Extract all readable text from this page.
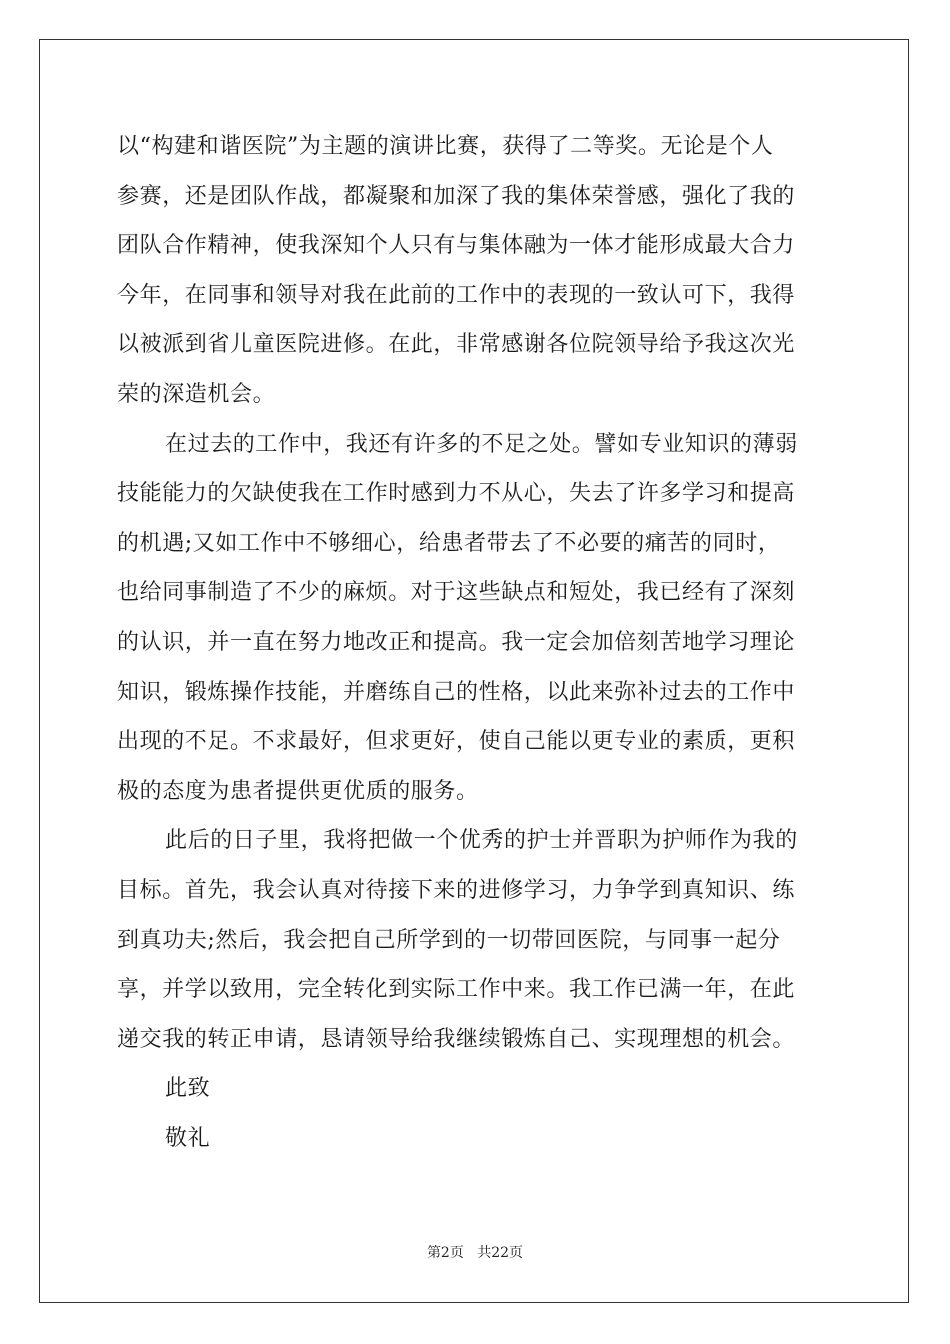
以“构建和谐医院”为主题的演讲比赛，获得了二等奖。无论是个人
参赛，还是团队作战，都凝聚和加深了我的集体荣誉感，强化了我的
团队合作精神，使我深知个人只有与集体融为一体才能形成最大合力
今年，在同事和领导对我在此前的工作中的表现的一致认可下，我得
以被派到省儿童医院进修。在此，非常感谢各位院领导给予我这次光
荣的深造机会。
在过去的工作中，我还有许多的不足之处。譬如专业知识的薄弱
技能能力的欠缺使我在工作时感到力不从心，失去了许多学习和提高
的机遇;又如工作中不够细心，给患者带去了不必要的痛苦的同时，
也给同事制造了不少的麻烦。对于这些缺点和短处，我已经有了深刻
的认识，并一直在努力地改正和提高。我一定会加倍刻苦地学习理论
知识，锻炼操作技能，并磨练自己的性格，以此来弥补过去的工作中
出现的不足。不求最好，但求更好，使自己能以更专业的素质，更积
极的态度为患者提供更优质的服务。
此后的日子里，我将把做一个优秀的护士并晋职为护师作为我的
目标。首先，我会认真对待接下来的进修学习，力争学到真知识、练
到真功夫;然后，我会把自己所学到的一切带回医院，与同事一起分
享，并学以致用，完全转化到实际工作中来。我工作已满一年，在此
递交我的转正申请，恳请领导给我继续锻炼自己、实现理想的机会。
此致
敬礼
第2页 共22页
